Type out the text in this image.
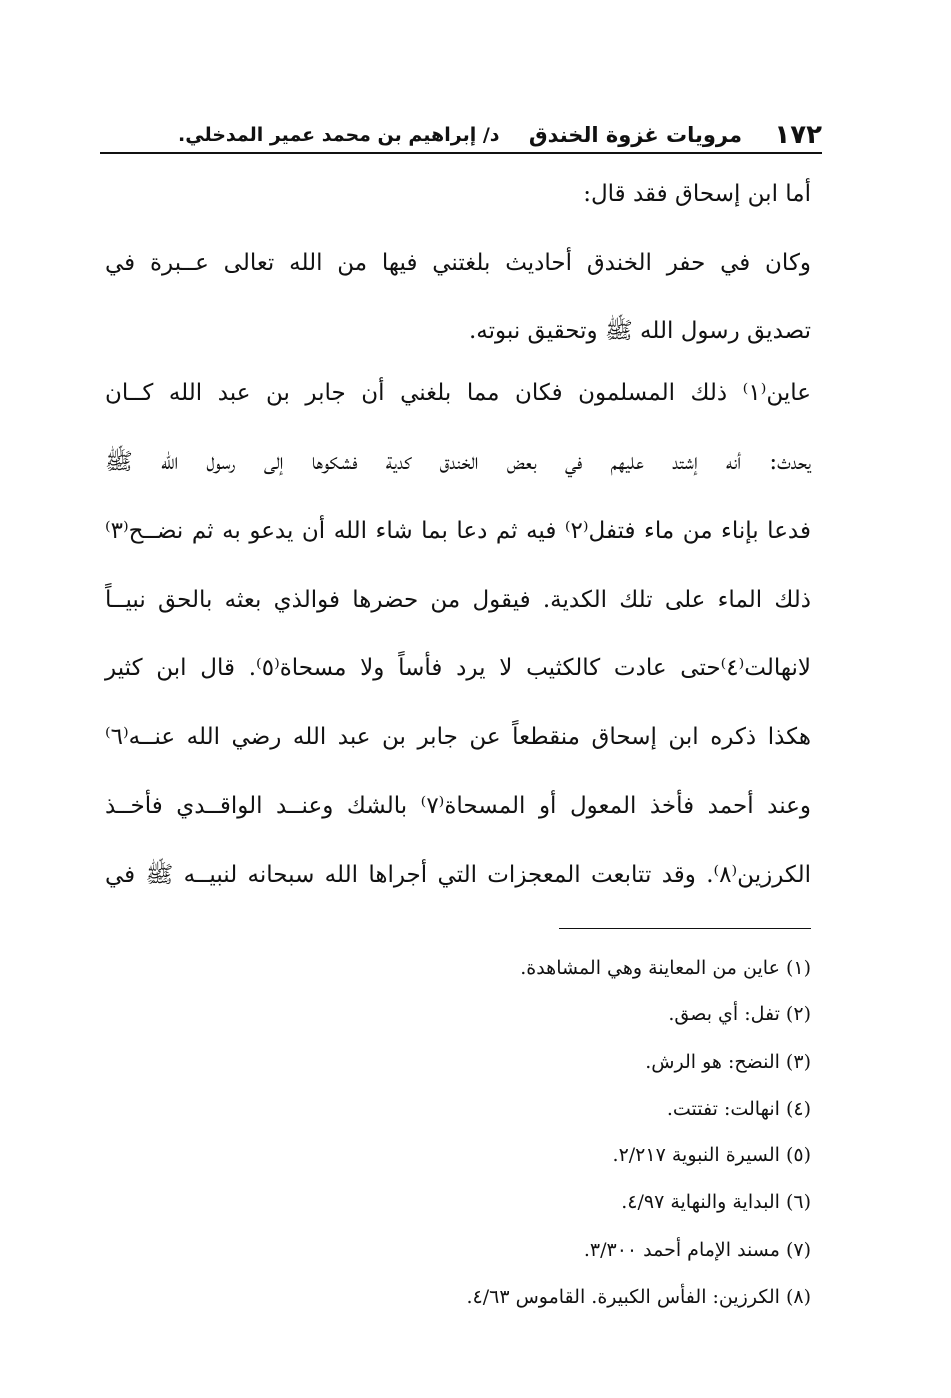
١٧٢
مرويات غزوة الخندق
د/ إبراهيم بن محمد عمير المدخلي.
أما ابن إسحاق فقد قال:
وكان في حفر الخندق أحاديث بلغتني فيها من الله تعالى عــبرة في
تصديق رسول الله ﷺ وتحقيق نبوته.
عاين⁽١⁾ ذلك المسلمون فكان مما بلغني أن جابر بن عبد الله كــان
يحدث: أنه إشتد عليهم في بعض الخندق كدية فشكوها إلى رسول الله ﷺ
فدعا بإناء من ماء فتفل⁽٢⁾ فيه ثم دعا بما شاء الله أن يدعو به ثم نضــح⁽٣⁾
ذلك الماء على تلك الكدية. فيقول من حضرها فوالذي بعثه بالحق نبيــاً
لانهالت⁽٤⁾حتى عادت كالكثيب لا يرد فأساً ولا مسحاة⁽٥⁾. قال ابن كثير
هكذا ذكره ابن إسحاق منقطعاً عن جابر بن عبد الله رضي الله عنــه⁽٦⁾
وعند أحمد فأخذ المعول أو المسحاة⁽٧⁾ بالشك وعنــد الواقــدي فأخــذ
الكرزين⁽٨⁾. وقد تتابعت المعجزات التي أجراها الله سبحانه لنبيــه ﷺ في
(١) عاين من المعاينة وهي المشاهدة.
(٢) تفل: أي بصق.
(٣) النضح: هو الرش.
(٤) انهالت: تفتتت.
(٥) السيرة النبوية ٢/٢١٧.
(٦) البداية والنهاية ٤/٩٧.
(٧) مسند الإمام أحمد ٣/٣٠٠.
(٨) الكرزين: الفأس الكبيرة. القاموس ٤/٦٣.
